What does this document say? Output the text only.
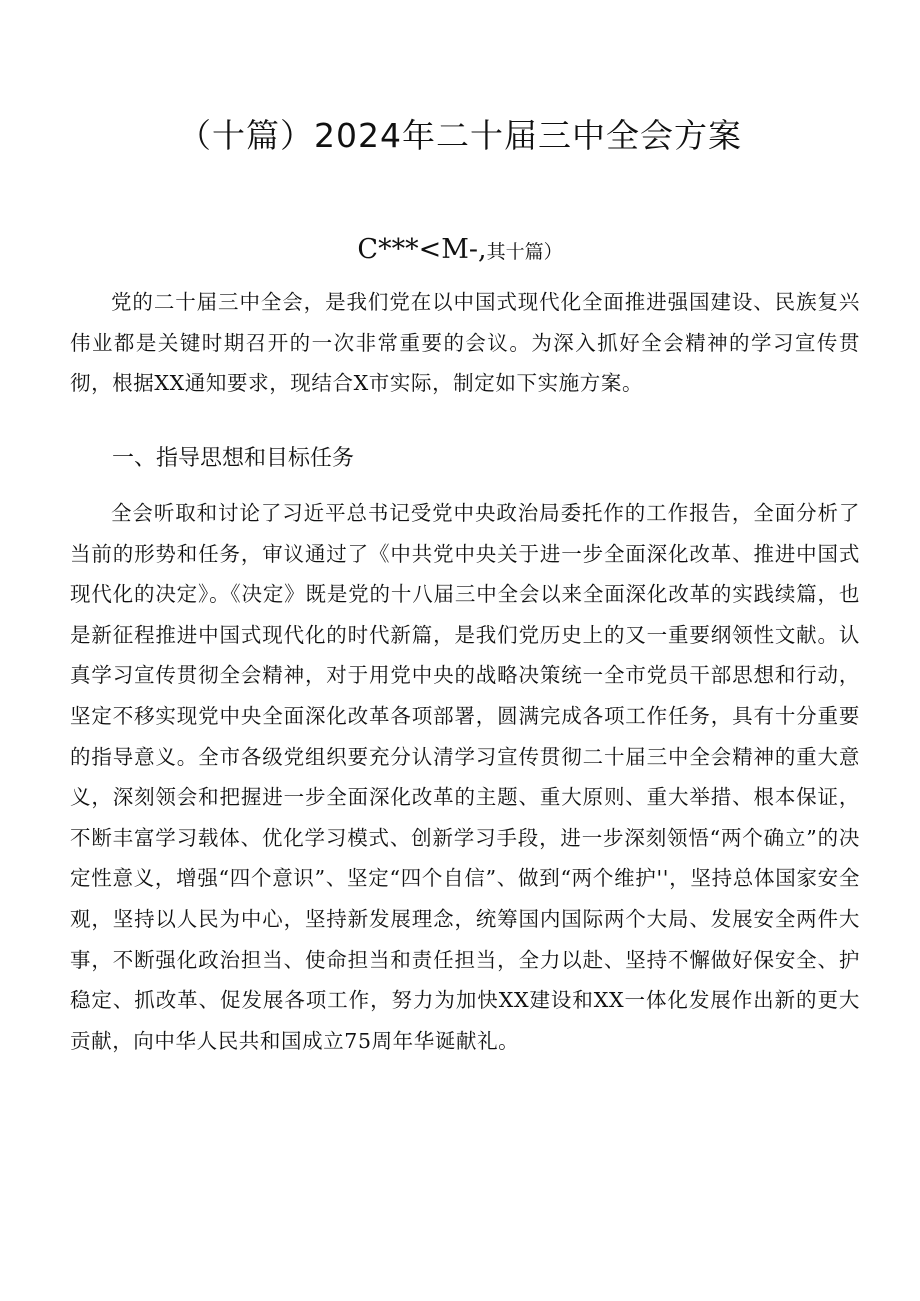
（十篇）2024年二十届三中全会方案

C***<M-,其十篇）

党的二十届三中全会，是我们党在以中国式现代化全面推进强国建设、民族复兴伟业都是关键时期召开的一次非常重要的会议。为深入抓好全会精神的学习宣传贯彻，根据XX通知要求，现结合X市实际，制定如下实施方案。

一、指导思想和目标任务

全会听取和讨论了习近平总书记受党中央政治局委托作的工作报告，全面分析了当前的形势和任务，审议通过了《中共党中央关于进一步全面深化改革、推进中国式现代化的决定》。《决定》既是党的十八届三中全会以来全面深化改革的实践续篇，也是新征程推进中国式现代化的时代新篇，是我们党历史上的又一重要纲领性文献。认真学习宣传贯彻全会精神，对于用党中央的战略决策统一全市党员干部思想和行动，坚定不移实现党中央全面深化改革各项部署，圆满完成各项工作任务，具有十分重要的指导意义。全市各级党组织要充分认清学习宣传贯彻二十届三中全会精神的重大意义，深刻领会和把握进一步全面深化改革的主题、重大原则、重大举措、根本保证，不断丰富学习载体、优化学习模式、创新学习手段，进一步深刻领悟“两个确立”的决定性意义，增强“四个意识”、坚定“四个自信”、做到“两个维护''，坚持总体国家安全观，坚持以人民为中心，坚持新发展理念，统筹国内国际两个大局、发展安全两件大事，不断强化政治担当、使命担当和责任担当，全力以赴、坚持不懈做好保安全、护稳定、抓改革、促发展各项工作，努力为加快XX建设和XX一体化发展作出新的更大贡献，向中华人民共和国成立75周年华诞献礼。
